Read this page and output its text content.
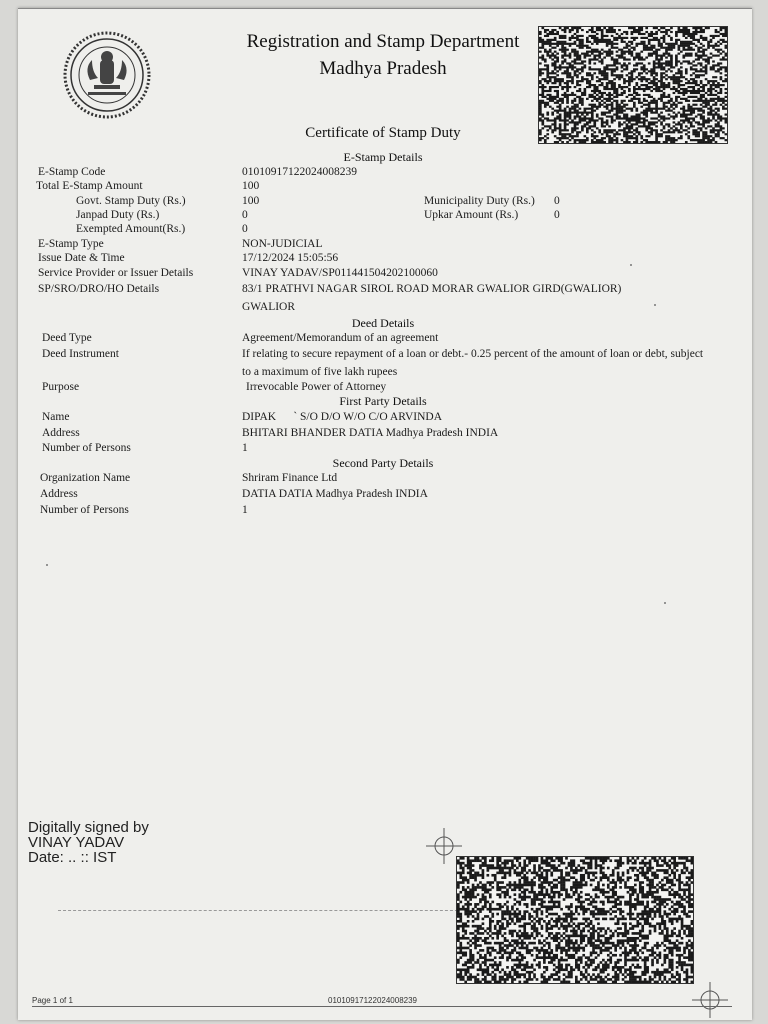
Registration and Stamp Department
Madhya Pradesh
Certificate of Stamp Duty
E-Stamp Details
E-Stamp Code	01010917122024008239
Total E-Stamp Amount	100
Govt. Stamp Duty (Rs.)	100	Municipality Duty (Rs.) 0
Janpad Duty (Rs.)	0	Upkar Amount (Rs.)	0
Exempted Amount(Rs.)	0
E-Stamp Type	NON-JUDICIAL
Issue Date & Time	17/12/2024 15:05:56
Service Provider or Issuer Details	VINAY YADAV/SP011441504202100060
SP/SRO/DRO/HO Details	83/1 PRATHVI NAGAR SIROL ROAD MORAR GWALIOR GIRD(GWALIOR)
GWALIOR
Deed Details
Deed Type	Agreement/Memorandum of an agreement
Deed Instrument	If relating to secure repayment of a loan or debt.- 0.25 percent of the amount of loan or debt, subject to a maximum of five lakh rupees
Purpose	Irrevocable Power of Attorney
First Party Details
Name	DIPAK      ` S/O D/O W/O C/O ARVINDA
Address	BHITARI BHANDER DATIA Madhya Pradesh INDIA
Number of Persons	1
Second Party Details
Organization Name	Shriram Finance Ltd
Address	DATIA DATIA Madhya Pradesh INDIA
Number of Persons	1
Digitally signed by
VINAY YADAV
Date: .. :: IST
Page 1 of 1	01010917122024008239
